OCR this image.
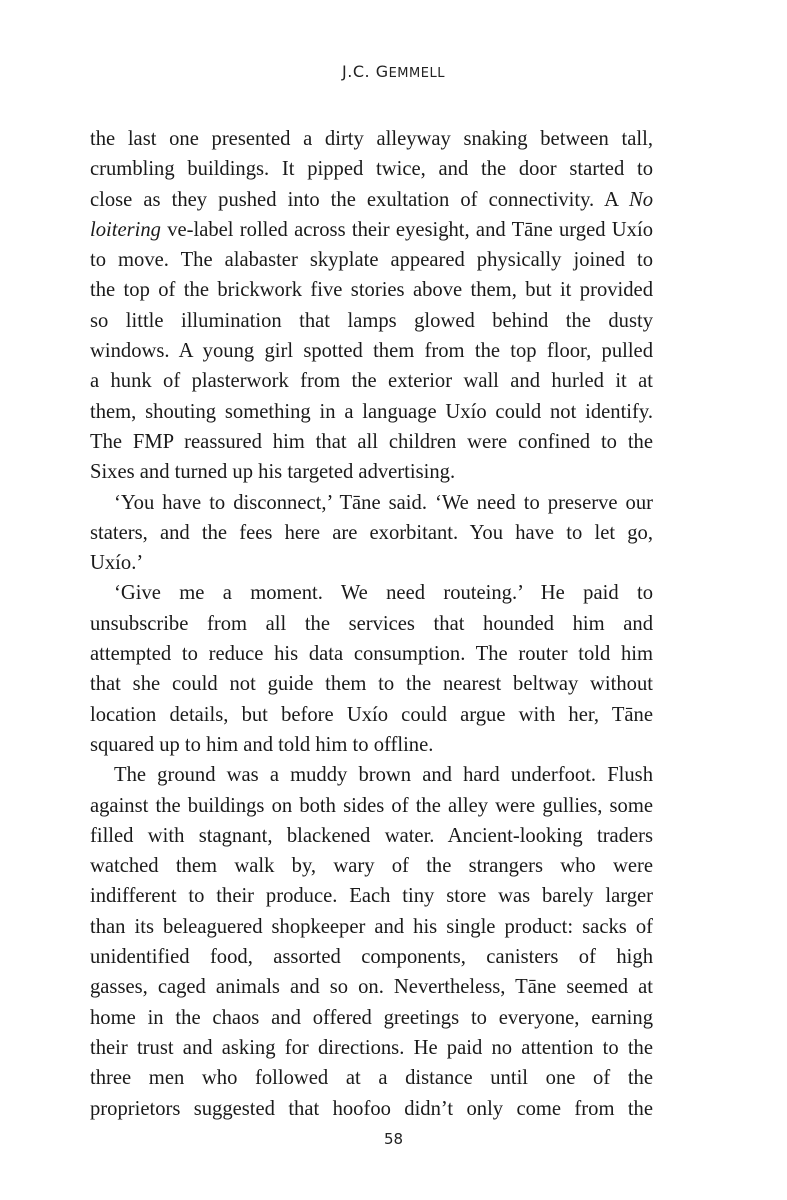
J.C. GEMMELL
the last one presented a dirty alleyway snaking between tall,
crumbling buildings. It pipped twice, and the door started to
close as they pushed into the exultation of connectivity. A No
loitering ve-label rolled across their eyesight, and Tāne urged Uxío
to move. The alabaster skyplate appeared physically joined to
the top of the brickwork five stories above them, but it provided
so little illumination that lamps glowed behind the dusty
windows. A young girl spotted them from the top floor, pulled
a hunk of plasterwork from the exterior wall and hurled it at
them, shouting something in a language Uxío could not identify.
The FMP reassured him that all children were confined to the
Sixes and turned up his targeted advertising.
‘You have to disconnect,’ Tāne said. ‘We need to preserve our
staters, and the fees here are exorbitant. You have to let go,
Uxío.’
‘Give me a moment. We need routeing.’ He paid to
unsubscribe from all the services that hounded him and
attempted to reduce his data consumption. The router told him
that she could not guide them to the nearest beltway without
location details, but before Uxío could argue with her, Tāne
squared up to him and told him to offline.
The ground was a muddy brown and hard underfoot. Flush
against the buildings on both sides of the alley were gullies, some
filled with stagnant, blackened water. Ancient-looking traders
watched them walk by, wary of the strangers who were
indifferent to their produce. Each tiny store was barely larger
than its beleaguered shopkeeper and his single product: sacks of
unidentified food, assorted components, canisters of high
gasses, caged animals and so on. Nevertheless, Tāne seemed at
home in the chaos and offered greetings to everyone, earning
their trust and asking for directions. He paid no attention to the
three men who followed at a distance until one of the
proprietors suggested that hoofoo didn’t only come from the
58
